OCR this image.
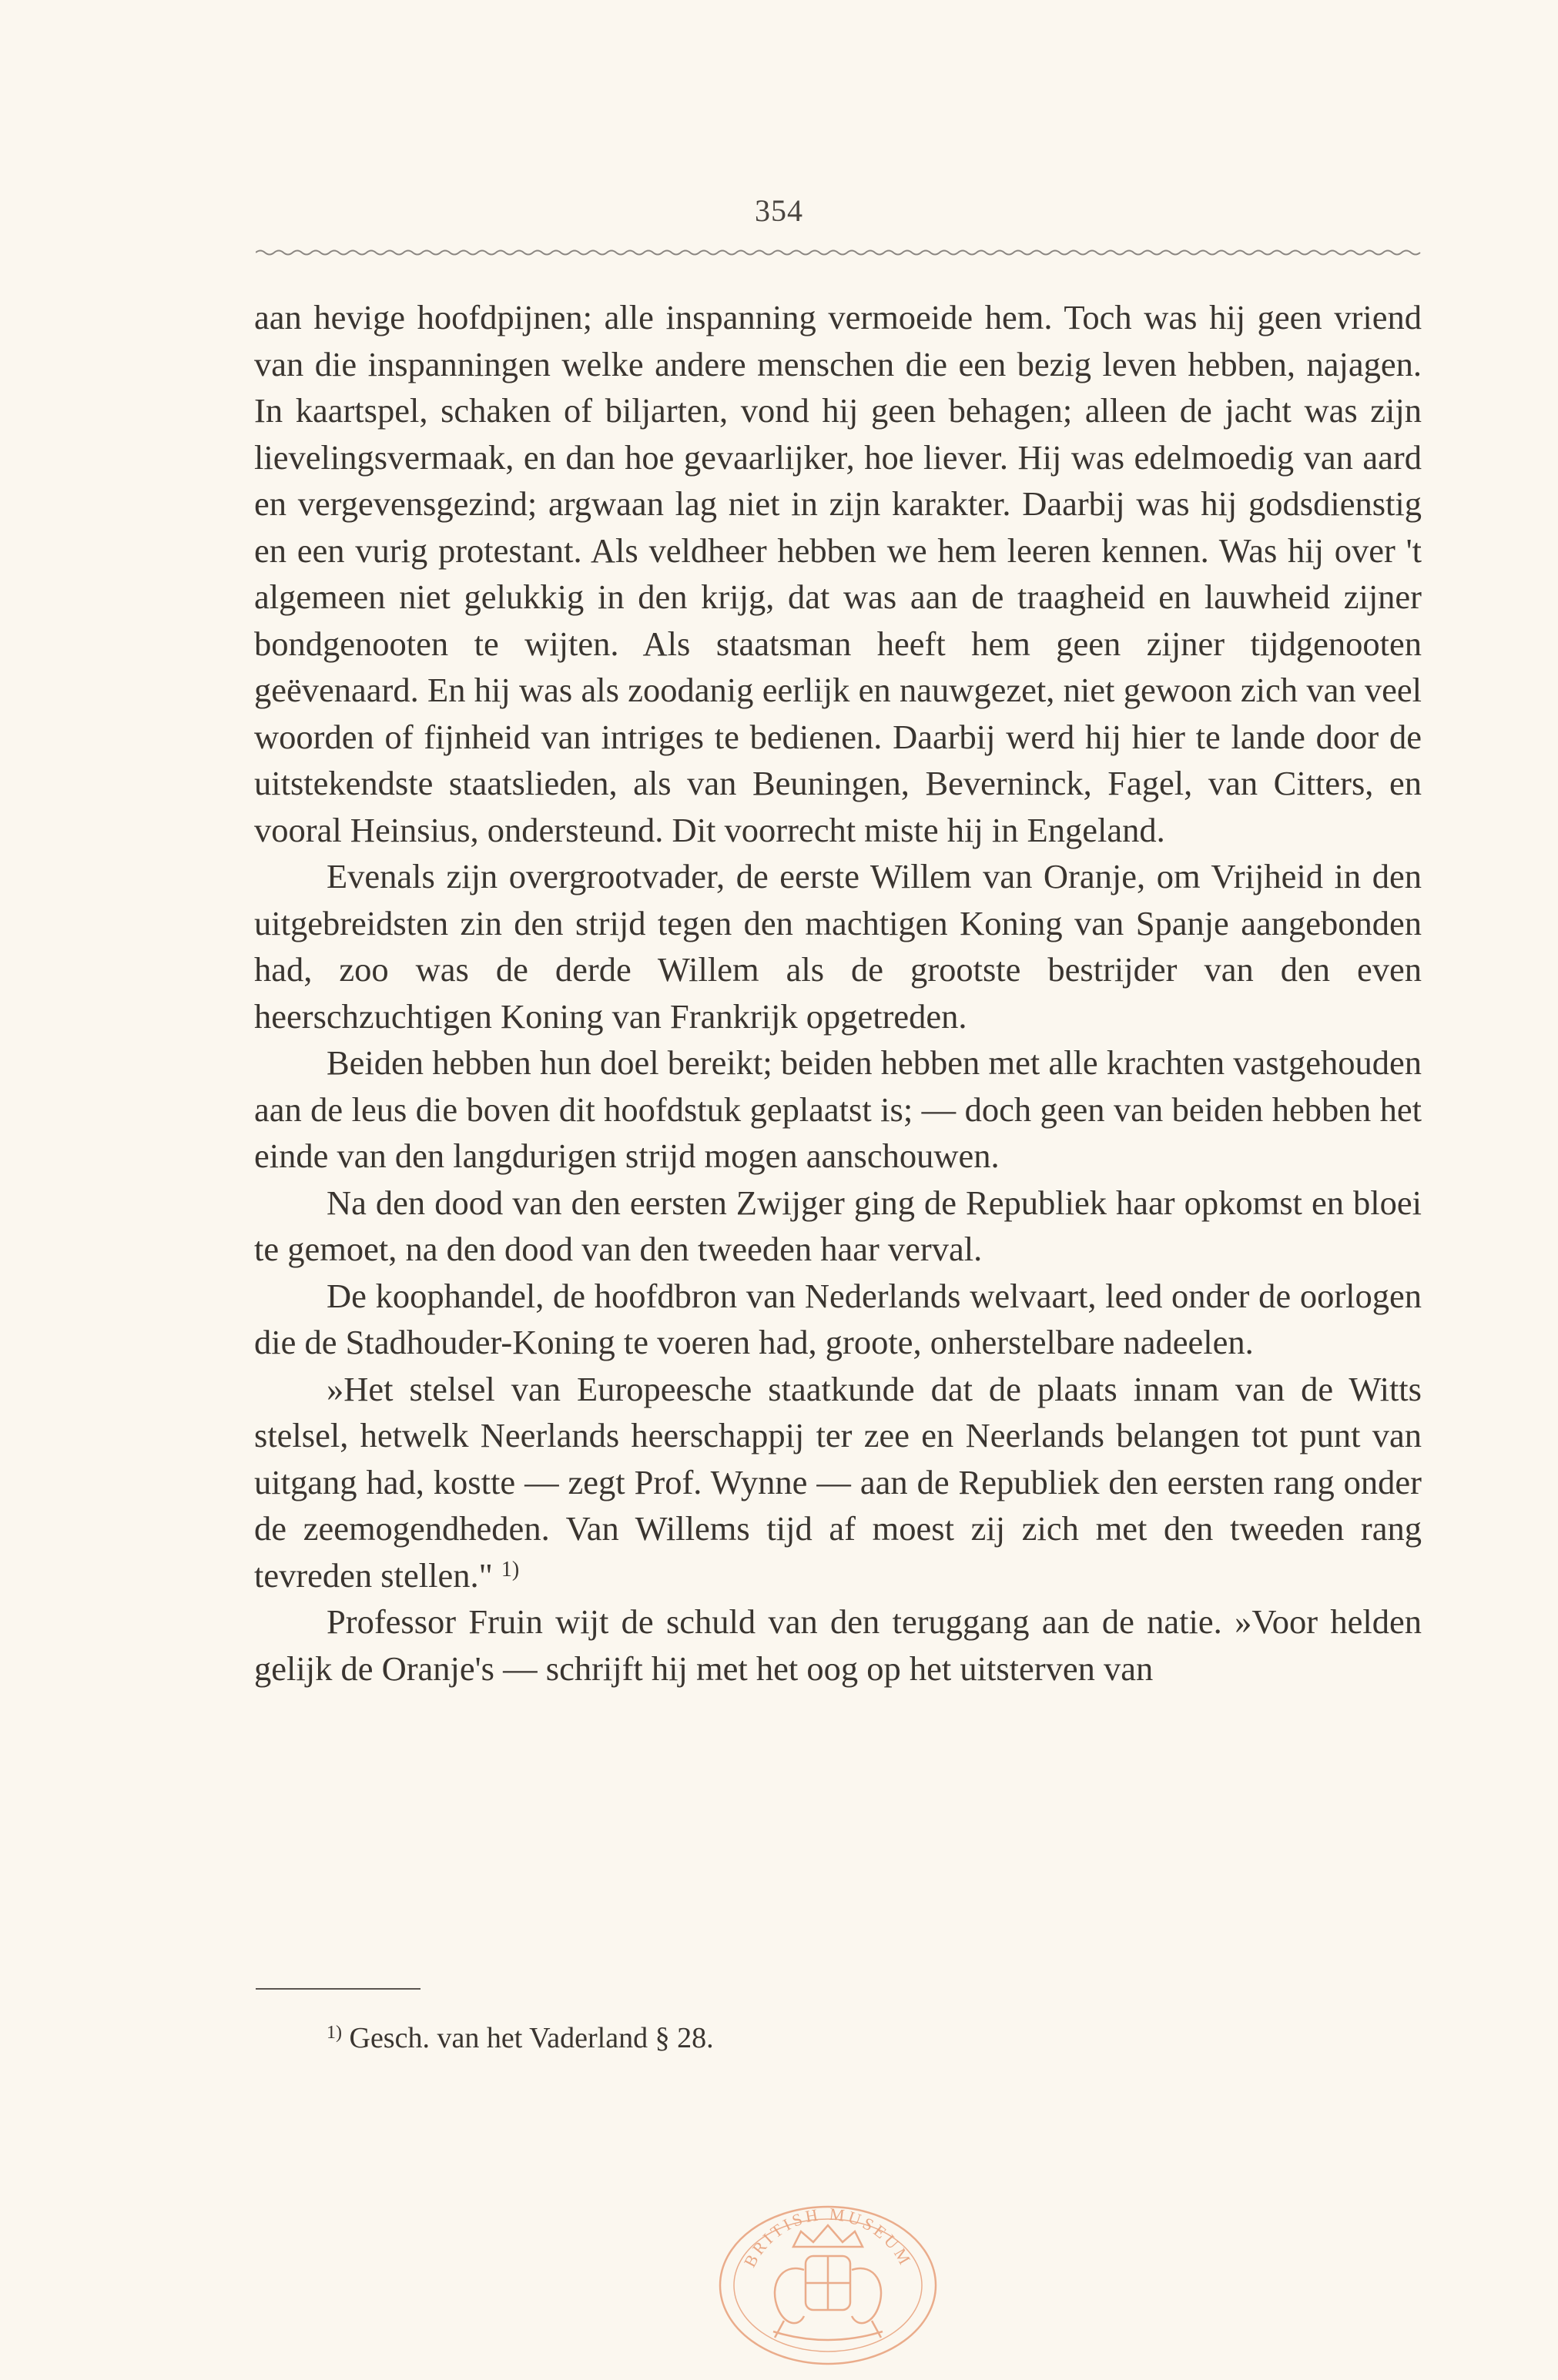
354

aan hevige hoofdpijnen; alle inspanning vermoeide hem. Toch was hij geen vriend van die inspanningen welke andere menschen die een bezig leven hebben, najagen. In kaartspel, schaken of biljarten, vond hij geen behagen; alleen de jacht was zijn lievelingsvermaak, en dan hoe gevaarlijker, hoe liever. Hij was edelmoedig van aard en vergevensgezind; argwaan lag niet in zijn karakter. Daarbij was hij godsdienstig en een vurig protestant. Als veldheer hebben we hem leeren kennen. Was hij over 't algemeen niet gelukkig in den krijg, dat was aan de traagheid en lauwheid zijner bondgenooten te wijten. Als staatsman heeft hem geen zijner tijdgenooten geëvenaard. En hij was als zoodanig eerlijk en nauwgezet, niet gewoon zich van veel woorden of fijnheid van intriges te bedienen. Daarbij werd hij hier te lande door de uitstekendste staatslieden, als van Beuningen, Beverninck, Fagel, van Citters, en vooral Heinsius, ondersteund. Dit voorrecht miste hij in Engeland.

Evenals zijn overgrootvader, de eerste Willem van Oranje, om Vrijheid in den uitgebreidsten zin den strijd tegen den machtigen Koning van Spanje aangebonden had, zoo was de derde Willem als de grootste bestrijder van den even heerschzuchtigen Koning van Frankrijk opgetreden.

Beiden hebben hun doel bereikt; beiden hebben met alle krachten vastgehouden aan de leus die boven dit hoofdstuk geplaatst is; — doch geen van beiden hebben het einde van den langdurigen strijd mogen aanschouwen.

Na den dood van den eersten Zwijger ging de Republiek haar opkomst en bloei te gemoet, na den dood van den tweeden haar verval.

De koophandel, de hoofdbron van Nederlands welvaart, leed onder de oorlogen die de Stadhouder-Koning te voeren had, groote, onherstelbare nadeelen.

»Het stelsel van Europeesche staatkunde dat de plaats innam van de Witts stelsel, hetwelk Neerlands heerschappij ter zee en Neerlands belangen tot punt van uitgang had, kostte — zegt Prof. Wynne — aan de Republiek den eersten rang onder de zeemogendheden. Van Willems tijd af moest zij zich met den tweeden rang tevreden stellen." $^{1)}$

Professor Fruin wijt de schuld van den teruggang aan de natie. »Voor helden gelijk de Oranje's — schrijft hij met het oog op het uitsterven van

$^{1)}$ Gesch. van het Vaderland § 28.
BRITISH MUSEUM
